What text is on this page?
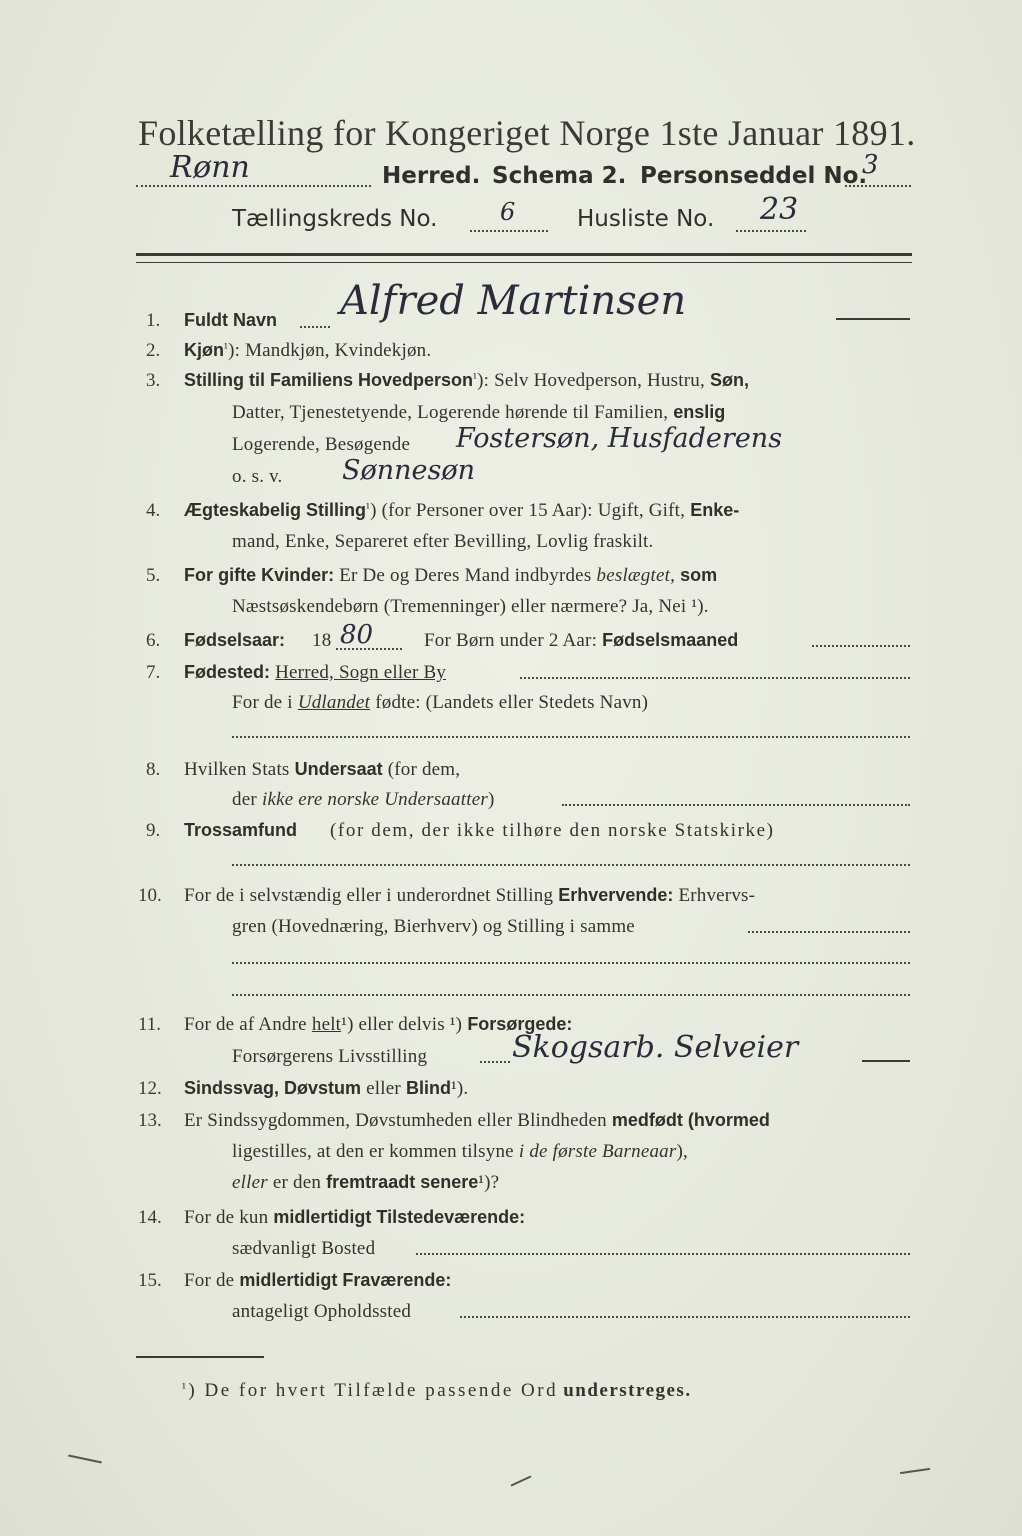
Folketælling for Kongeriget Norge 1ste Januar 1891.
Rønn	Herred. Schema 2. Personseddel No.
3
Tællingskreds No.	6	Husliste No. 23
1. Fuldt Navn Alfred Martinsen
2. Kjøn$^{^1}$): Mandkjøn, Kvindekjøn.
3. Stilling til Familiens Hovedperson$^{^1}$): Selv Hovedperson, Hustru, Søn,
Datter, Tjenestetyende, Logerende hørende til Familien, enslig
Logerende, Besøgende Fostersøn, Husfaderens
o. s. v. Sønnesøn
4. Ægteskabelig Stilling$^{^1}$) (for Personer over 15 Aar): Ugift, Gift, Enke-
mand, Enke, Separeret efter Bevilling, Lovlig fraskilt.
5. For gifte Kvinder: Er De og Deres Mand indbyrdes beslægtet, som
Næstsøskendebørn (Tremenninger) eller nærmere? Ja, Nei ¹).
6. Fødselsaar: 18 80	For Børn under 2 Aar: Fødselsmaaned
7. Fødested: Herred, Sogn eller By
For de i Udlandet fødte: (Landets eller Stedets Navn)
8. Hvilken Stats Undersaat (for dem,
der ikke ere norske Undersaatter)
9. Trossamfund (for dem, der ikke tilhøre den norske Statskirke)
10. For de i selvstændig eller i underordnet Stilling Erhvervende: Erhvervs-
gren (Hovednæring, Bierhverv) og Stilling i samme
11. For de af Andre helt¹) eller delvis ¹) Forsørgede:
Forsørgerens Livsstilling	Skogsarb. Selveier
12. Sindssvag, Døvstum eller Blind¹).
13. Er Sindssygdommen, Døvstumheden eller Blindheden medfødt (hvormed
ligestilles, at den er kommen tilsyne i de første Barneaar),
eller er den fremtraadt senere¹)?
14. For de kun midlertidigt Tilstedeværende:
sædvanligt Bosted
15. For de midlertidigt Fraværende:
antageligt Opholdssted
$^{^1}$) De for hvert Tilfælde passende Ord understreges.
